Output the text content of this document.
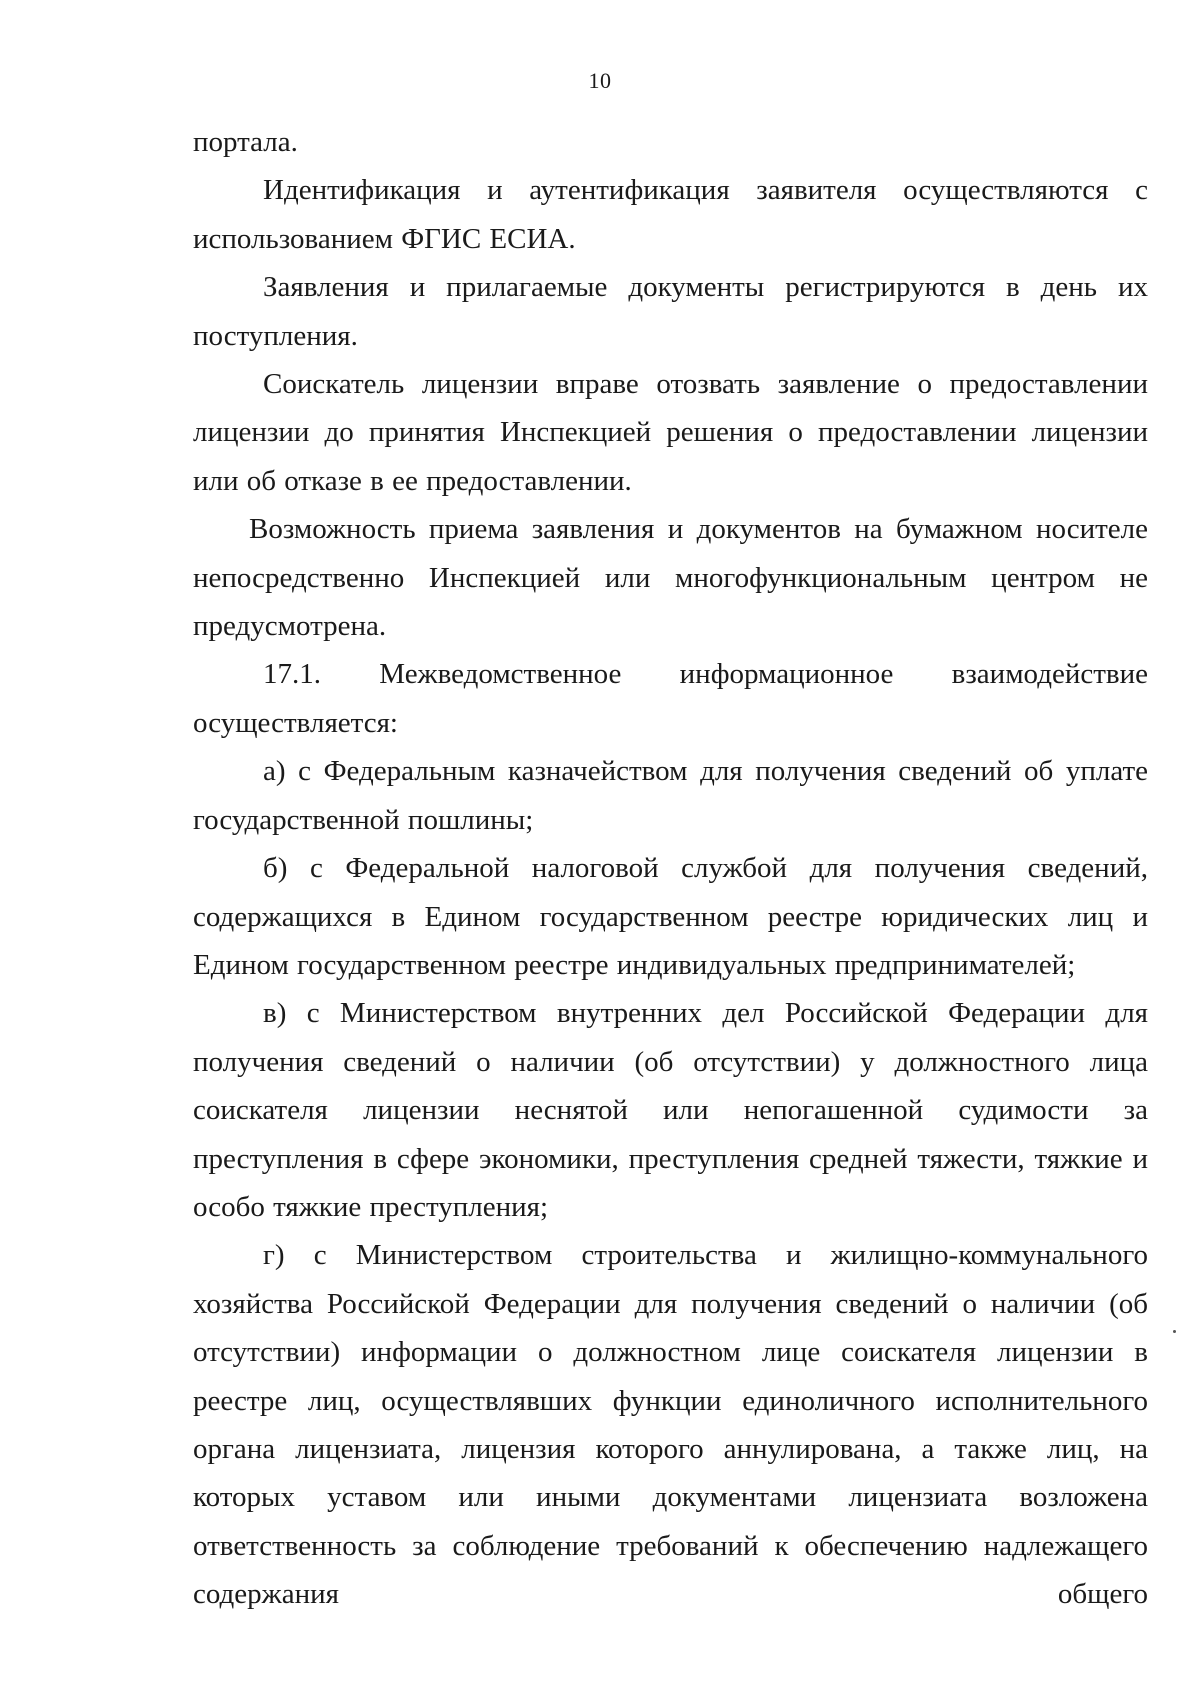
10

портала.

Идентификация и аутентификация заявителя осуществляются с использованием ФГИС ЕСИА.

Заявления и прилагаемые документы регистрируются в день их поступления.

Соискатель лицензии вправе отозвать заявление о предоставлении лицензии до принятия Инспекцией решения о предоставлении лицензии или об отказе в ее предоставлении.

Возможность приема заявления и документов на бумажном носителе непосредственно Инспекцией или многофункциональным центром не предусмотрена.

17.1. Межведомственное информационное взаимодействие осуществляется:

а) с Федеральным казначейством для получения сведений об уплате государственной пошлины;

б) с Федеральной налоговой службой для получения сведений, содержащихся в Едином государственном реестре юридических лиц и Едином государственном реестре индивидуальных предпринимателей;

в) с Министерством внутренних дел Российской Федерации для получения сведений о наличии (об отсутствии) у должностного лица соискателя лицензии неснятой или непогашенной судимости за преступления в сфере экономики, преступления средней тяжести, тяжкие и особо тяжкие преступления;

г) с Министерством строительства и жилищно-коммунального хозяйства Российской Федерации для получения сведений о наличии (об отсутствии) информации о должностном лице соискателя лицензии в реестре лиц, осуществлявших функции единоличного исполнительного органа лицензиата, лицензия которого аннулирована, а также лиц, на которых уставом или иными документами лицензиата возложена ответственность за соблюдение требований к обеспечению надлежащего содержания общего
